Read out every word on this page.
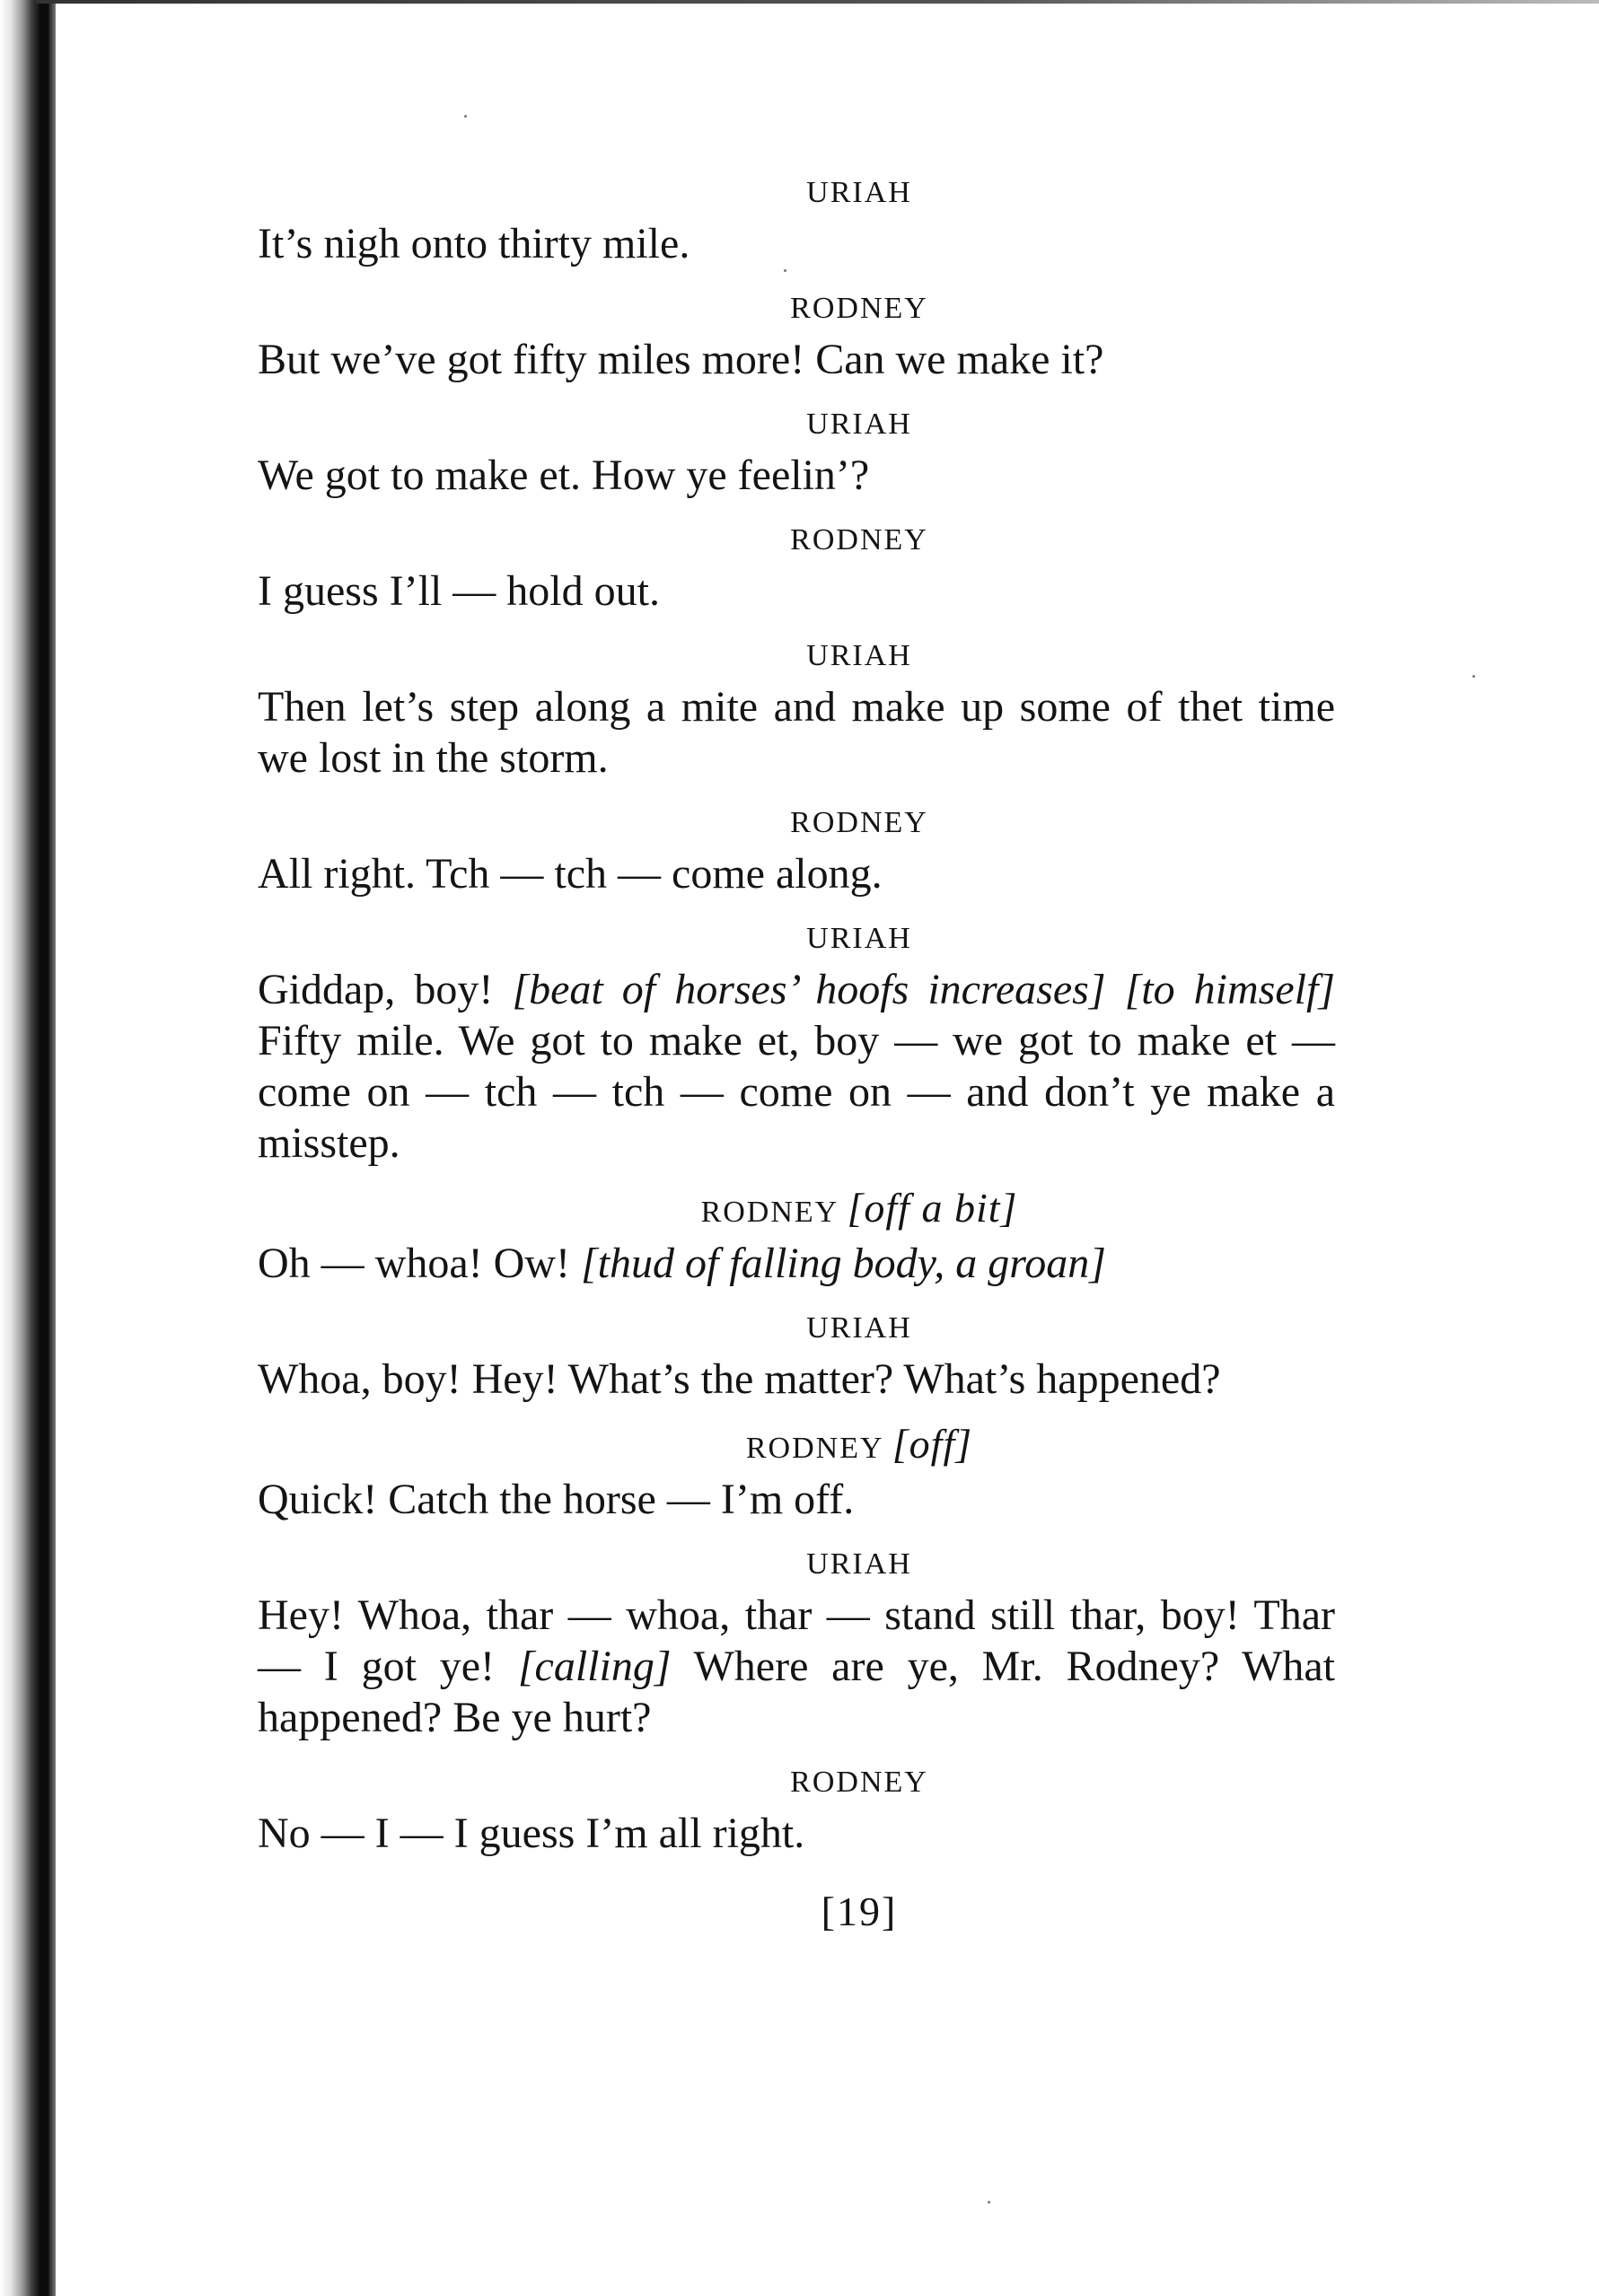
URIAH
It’s nigh onto thirty mile.
RODNEY
But we’ve got fifty miles more! Can we make it?
URIAH
We got to make et. How ye feelin’?
RODNEY
I guess I’ll — hold out.
URIAH
Then let’s step along a mite and make up some of thet time we lost in the storm.
RODNEY
All right. Tch — tch — come along.
URIAH
Giddap, boy! [beat of horses’ hoofs increases] [to himself] Fifty mile. We got to make et, boy — we got to make et — come on — tch — tch — come on — and don’t ye make a misstep.
RODNEY [off a bit]
Oh — whoa! Ow! [thud of falling body, a groan]
URIAH
Whoa, boy! Hey! What’s the matter? What’s happened?
RODNEY [off]
Quick! Catch the horse — I’m off.
URIAH
Hey! Whoa, thar — whoa, thar — stand still thar, boy! Thar — I got ye! [calling] Where are ye, Mr. Rodney? What happened? Be ye hurt?
RODNEY
No — I — I guess I’m all right.
[19]
